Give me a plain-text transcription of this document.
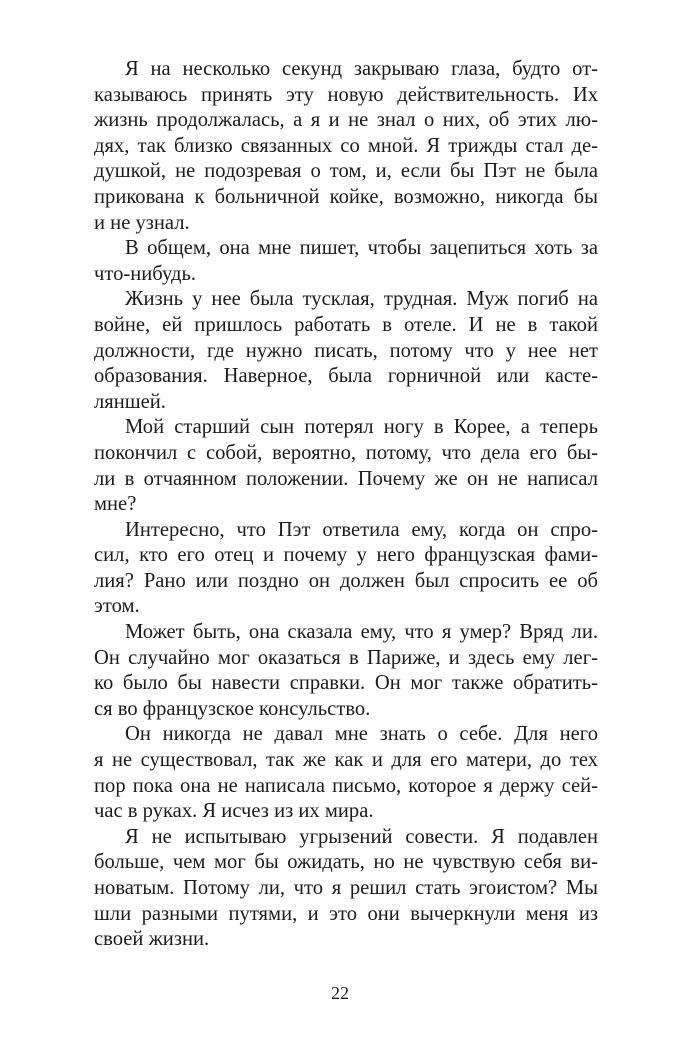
Я на несколько секунд закрываю глаза, будто от-
казываюсь принять эту новую действительность. Их
жизнь продолжалась, а я и не знал о них, об этих лю-
дях, так близко связанных со мной. Я трижды стал де-
душкой, не подозревая о том, и, если бы Пэт не была
прикована к больничной койке, возможно, никогда бы
и не узнал.
В общем, она мне пишет, чтобы зацепиться хоть за
что-нибудь.
Жизнь у нее была тусклая, трудная. Муж погиб на
войне, ей пришлось работать в отеле. И не в такой
должности, где нужно писать, потому что у нее нет
образования. Наверное, была горничной или касте-
ляншей.
Мой старший сын потерял ногу в Корее, а теперь
покончил с собой, вероятно, потому, что дела его бы-
ли в отчаянном положении. Почему же он не написал
мне?
Интересно, что Пэт ответила ему, когда он спро-
сил, кто его отец и почему у него французская фами-
лия? Рано или поздно он должен был спросить ее об
этом.
Может быть, она сказала ему, что я умер? Вряд ли.
Он случайно мог оказаться в Париже, и здесь ему лег-
ко было бы навести справки. Он мог также обратить-
ся во французское консульство.
Он никогда не давал мне знать о себе. Для него
я не существовал, так же как и для его матери, до тех
пор пока она не написала письмо, которое я держу сей-
час в руках. Я исчез из их мира.
Я не испытываю угрызений совести. Я подавлен
больше, чем мог бы ожидать, но не чувствую себя ви-
новатым. Потому ли, что я решил стать эгоистом? Мы
шли разными путями, и это они вычеркнули меня из
своей жизни.
22
